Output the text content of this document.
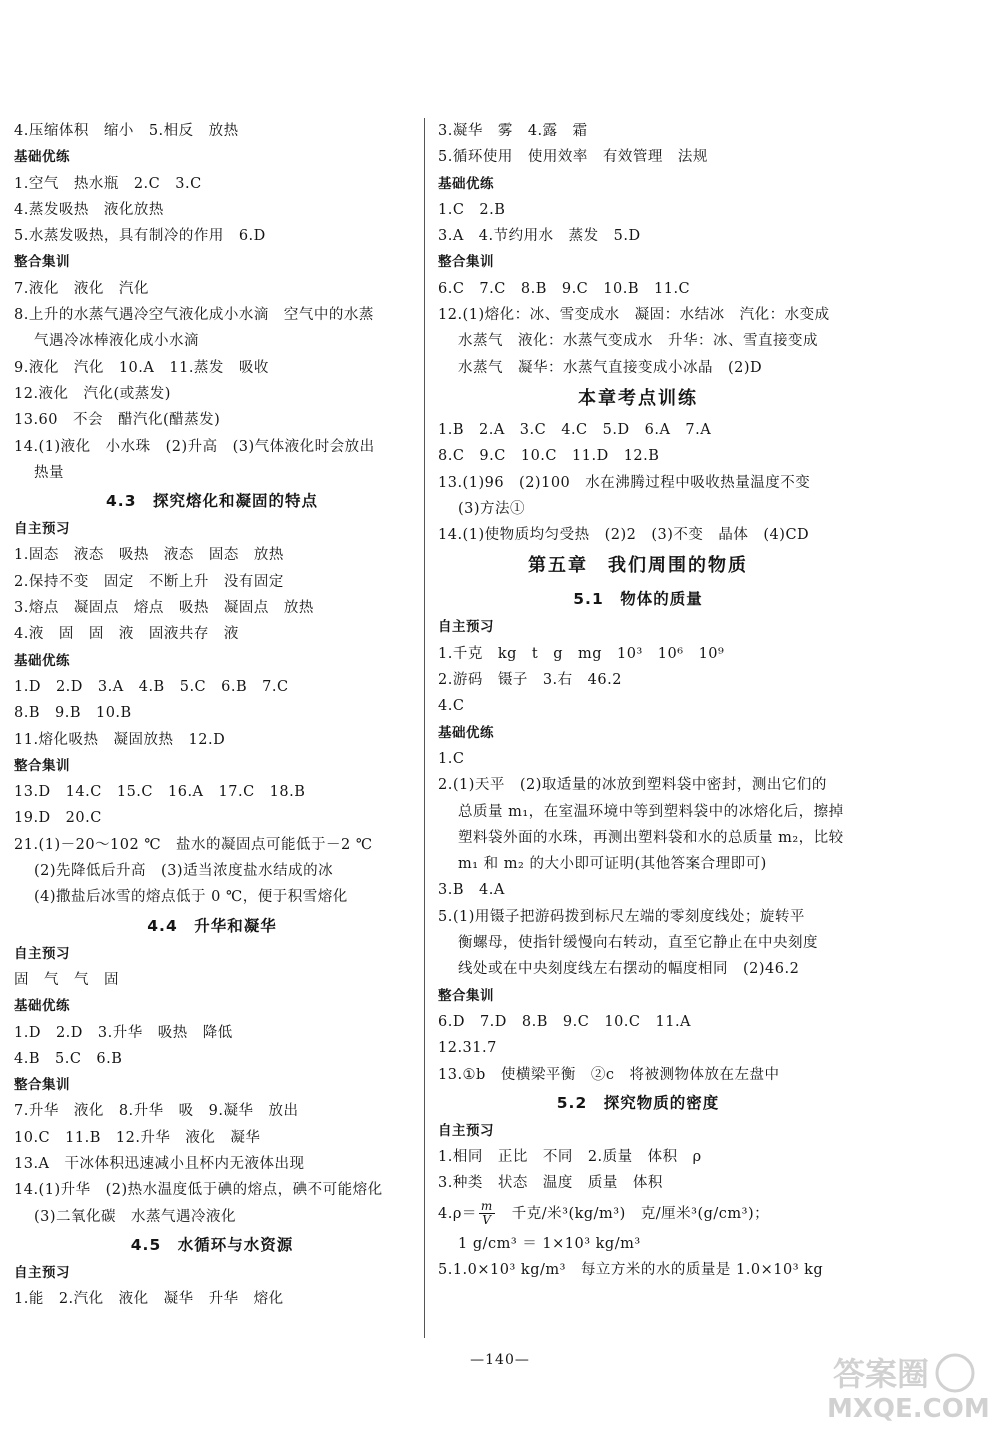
4.压缩体积　缩小　5.相反　放热
基础优练
1.空气　热水瓶　2.C　3.C
4.蒸发吸热　液化放热
5.水蒸发吸热，具有制冷的作用　6.D
整合集训
7.液化　液化　汽化
8.上升的水蒸气遇冷空气液化成小水滴　空气中的水蒸
气遇冷冰棒液化成小水滴
9.液化　汽化　10.A　11.蒸发　吸收
12.液化　汽化(或蒸发)
13.60　不会　醋汽化(醋蒸发)
14.(1)液化　小水珠　(2)升高　(3)气体液化时会放出
热量
4.3　探究熔化和凝固的特点
自主预习
1.固态　液态　吸热　液态　固态　放热
2.保持不变　固定　不断上升　没有固定
3.熔点　凝固点　熔点　吸热　凝固点　放热
4.液　固　固　液　固液共存　液
基础优练
1.D　2.D　3.A　4.B　5.C　6.B　7.C
8.B　9.B　10.B
11.熔化吸热　凝固放热　12.D
整合集训
13.D　14.C　15.C　16.A　17.C　18.B
19.D　20.C
21.(1)－20～102 ℃　盐水的凝固点可能低于－2 ℃
(2)先降低后升高　(3)适当浓度盐水结成的冰
(4)撒盐后冰雪的熔点低于 0 ℃，便于积雪熔化
4.4　升华和凝华
自主预习
固　气　气　固
基础优练
1.D　2.D　3.升华　吸热　降低
4.B　5.C　6.B
整合集训
7.升华　液化　8.升华　吸　9.凝华　放出
10.C　11.B　12.升华　液化　凝华
13.A　干冰体积迅速减小且杯内无液体出现
14.(1)升华　(2)热水温度低于碘的熔点，碘不可能熔化
(3)二氧化碳　水蒸气遇冷液化
4.5　水循环与水资源
自主预习
1.能　2.汽化　液化　凝华　升华　熔化
3.凝华　雾　4.露　霜
5.循环使用　使用效率　有效管理　法规
基础优练
1.C　2.B
3.A　4.节约用水　蒸发　5.D
整合集训
6.C　7.C　8.B　9.C　10.B　11.C
12.(1)熔化：冰、雪变成水　凝固：水结冰　汽化：水变成
水蒸气　液化：水蒸气变成水　升华：冰、雪直接变成
水蒸气　凝华：水蒸气直接变成小冰晶　(2)D
本章考点训练
1.B　2.A　3.C　4.C　5.D　6.A　7.A
8.C　9.C　10.C　11.D　12.B
13.(1)96　(2)100　水在沸腾过程中吸收热量温度不变
(3)方法①
14.(1)使物质均匀受热　(2)2　(3)不变　晶体　(4)CD
第五章　我们周围的物质
5.1　物体的质量
自主预习
1.千克　kg　t　g　mg　10³　10⁶　10⁹
2.游码　镊子　3.右　46.2
4.C
基础优练
1.C
2.(1)天平　(2)取适量的冰放到塑料袋中密封，测出它们的
总质量 m₁，在室温环境中等到塑料袋中的冰熔化后，擦掉
塑料袋外面的水珠，再测出塑料袋和水的总质量 m₂，比较
m₁ 和 m₂ 的大小即可证明(其他答案合理即可)
3.B　4.A
5.(1)用镊子把游码拨到标尺左端的零刻度线处；旋转平
衡螺母，使指针缓慢向右转动，直至它静止在中央刻度
线处或在中央刻度线左右摆动的幅度相同　(2)46.2
整合集训
6.D　7.D　8.B　9.C　10.C　11.A
12.31.7
13.①b　使横梁平衡　②c　将被测物体放在左盘中
5.2　探究物质的密度
自主预习
1.相同　正比　不同　2.质量　体积　ρ
3.种类　状态　温度　质量　体积
$4.\rho= \frac{m}{V}$ 　千克/米³(kg/m³)　克/厘米³(g/cm³)；
1 g/cm³ ＝ 1×10³ kg/m³
5.1.0×10³ kg/m³　每立方米的水的质量是 1.0×10³ kg
—140—	答案圈
MXQE.COM
